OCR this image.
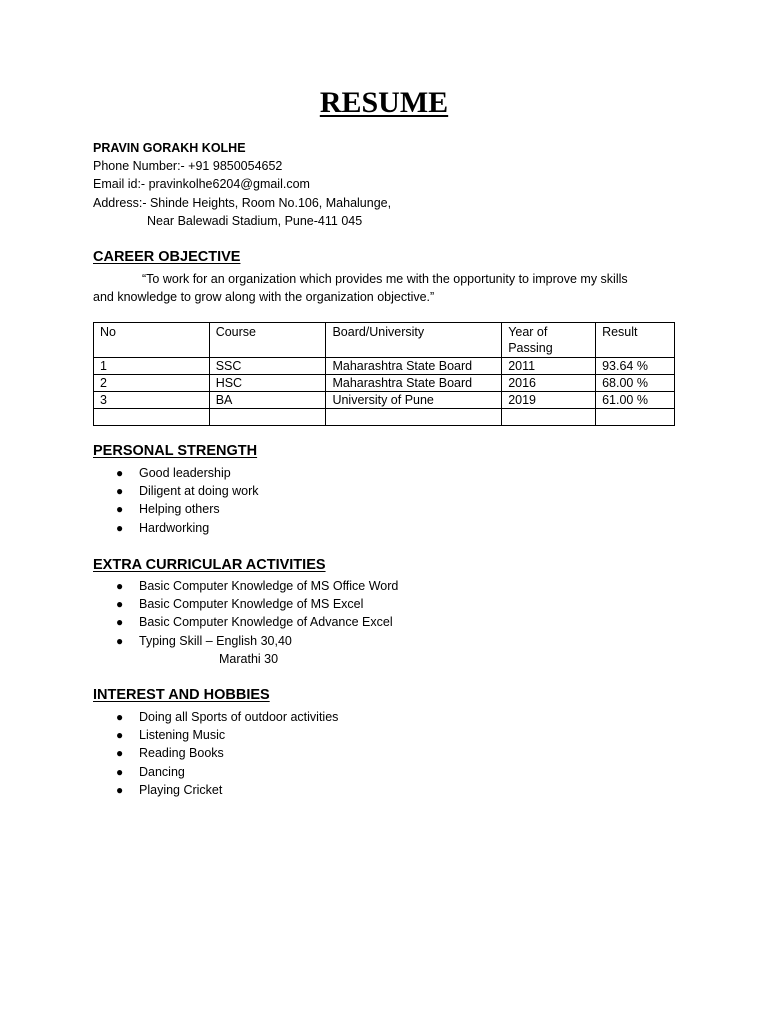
RESUME
PRAVIN GORAKH KOLHE
Phone Number:- +91 9850054652
Email id:- pravinkolhe6204@gmail.com
Address:- Shinde Heights, Room No.106, Mahalunge,
Near Balewadi Stadium, Pune-411 045
CAREER OBJECTIVE
“To work for an organization which provides me with the opportunity to improve my skills
and knowledge to grow along with the organization objective.”
No	Course	Board/University	Year of Passing	Result
1	SSC	Maharashtra State Board	2011	93.64 %
2	HSC	Maharashtra State Board	2016	68.00 %
3	BA	University of Pune	2019	61.00 %

PERSONAL STRENGTH
● Good leadership
● Diligent at doing work
● Helping others
● Hardworking
EXTRA CURRICULAR ACTIVITIES
● Basic Computer Knowledge of MS Office Word
● Basic Computer Knowledge of MS Excel
● Basic Computer Knowledge of Advance Excel
● Typing Skill – English 30,40
Marathi 30
INTEREST AND HOBBIES
● Doing all Sports of outdoor activities
● Listening Music
● Reading Books
● Dancing
● Playing Cricket
